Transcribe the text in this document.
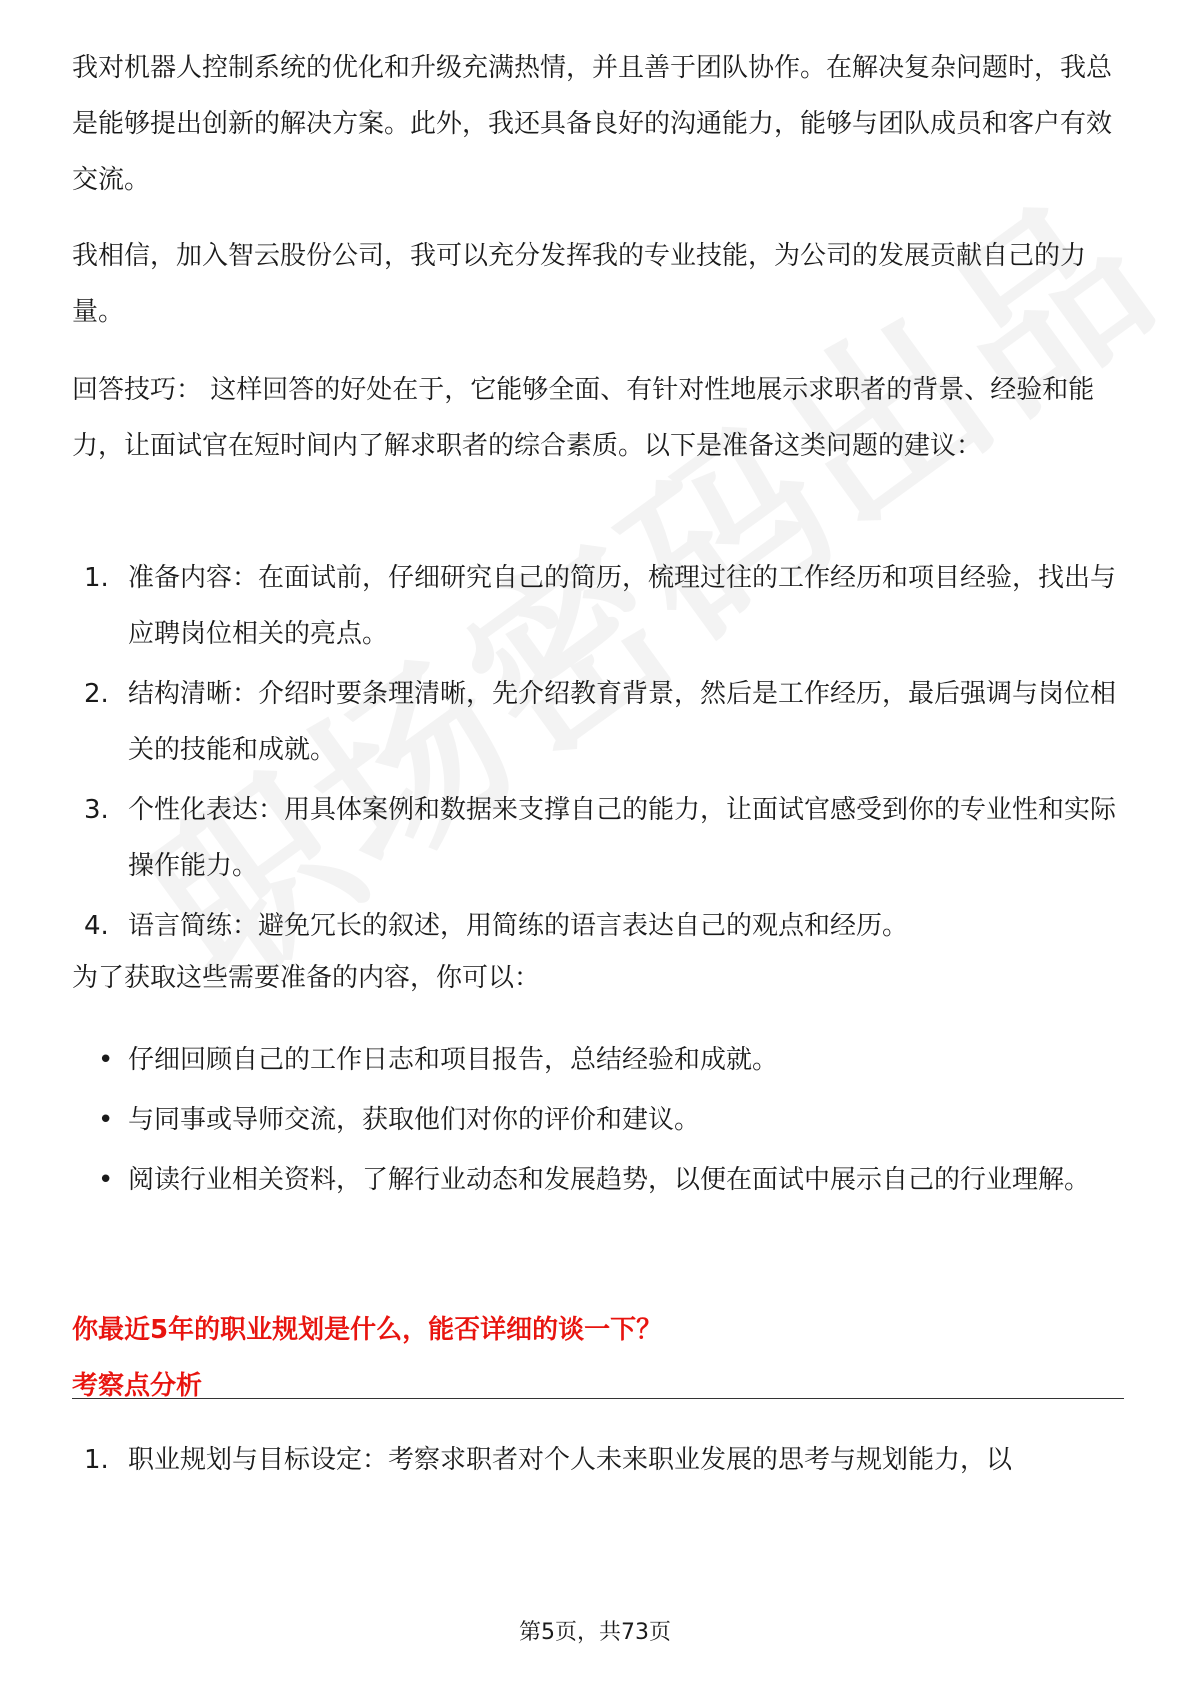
我对机器人控制系统的优化和升级充满热情，并且善于团队协作。在解决复杂问题时，我总是能够提出创新的解决方案。此外，我还具备良好的沟通能力，能够与团队成员和客户有效交流。

我相信，加入智云股份公司，我可以充分发挥我的专业技能，为公司的发展贡献自己的力量。

回答技巧： 这样回答的好处在于，它能够全面、有针对性地展示求职者的背景、经验和能力，让面试官在短时间内了解求职者的综合素质。以下是准备这类问题的建议：

1. 准备内容：在面试前，仔细研究自己的简历，梳理过往的工作经历和项目经验，找出与应聘岗位相关的亮点。
2. 结构清晰：介绍时要条理清晰，先介绍教育背景，然后是工作经历，最后强调与岗位相关的技能和成就。
3. 个性化表达：用具体案例和数据来支撑自己的能力，让面试官感受到你的专业性和实际操作能力。
4. 语言简练：避免冗长的叙述，用简练的语言表达自己的观点和经历。

为了获取这些需要准备的内容，你可以：

• 仔细回顾自己的工作日志和项目报告，总结经验和成就。
• 与同事或导师交流，获取他们对你的评价和建议。
• 阅读行业相关资料，了解行业动态和发展趋势，以便在面试中展示自己的行业理解。

你最近5年的职业规划是什么，能否详细的谈一下？

考察点分析

1. 职业规划与目标设定：考察求职者对个人未来职业发展的思考与规划能力，以
第5页，共73页
